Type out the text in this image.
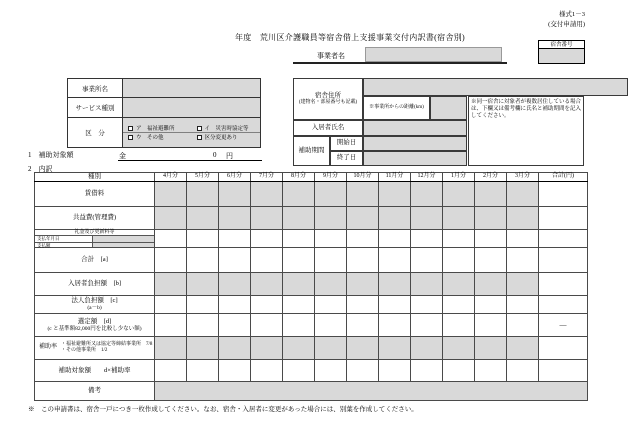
様式1－3
(交付申請用)
宿舎番号
年度　荒川区介護職員等宿舎借上支援事業交付内訳書(宿舎別)
事業者名
事業所名	
サービス種別	
区　分	ア　福祉避難所 イ　災害時協定等
ウ　その他 区分変更あり
1　補助対象額	金	0 円
2　内訳
宿舎住所
(建物名・部屋番号も記載)
※事業所からの距離(km)
※同一宿舎に対象者が複数居住している場合は、下欄又は備考欄に氏名と補助期間を記入してください。
入居者氏名
補助期間
開始日
終了日
種別	4月分	5月分	6月分	7月分	8月分	9月分	10月分	11月分	12月分	1月分	2月分	3月分	合計(円)
賃借料													
共益費(管理費)													

礼金及び更新料等
支払年月日
支払額													

合計　[a]													
入居者負担額　[b]													

法人負担額　[c]
(a－b)													

選定額　[d]
(c と基準額82,000円を比較し少ない額)													―

補助率
・福祉避難所又は協定等締結事業所　7/8
・その他事業所　1/2													

補助対象額　　d×補助率													
備考													
※　この申請書は、宿舎一戸につき一枚作成してください。なお、宿舎・入居者に変更があった場合には、別葉を作成してください。
